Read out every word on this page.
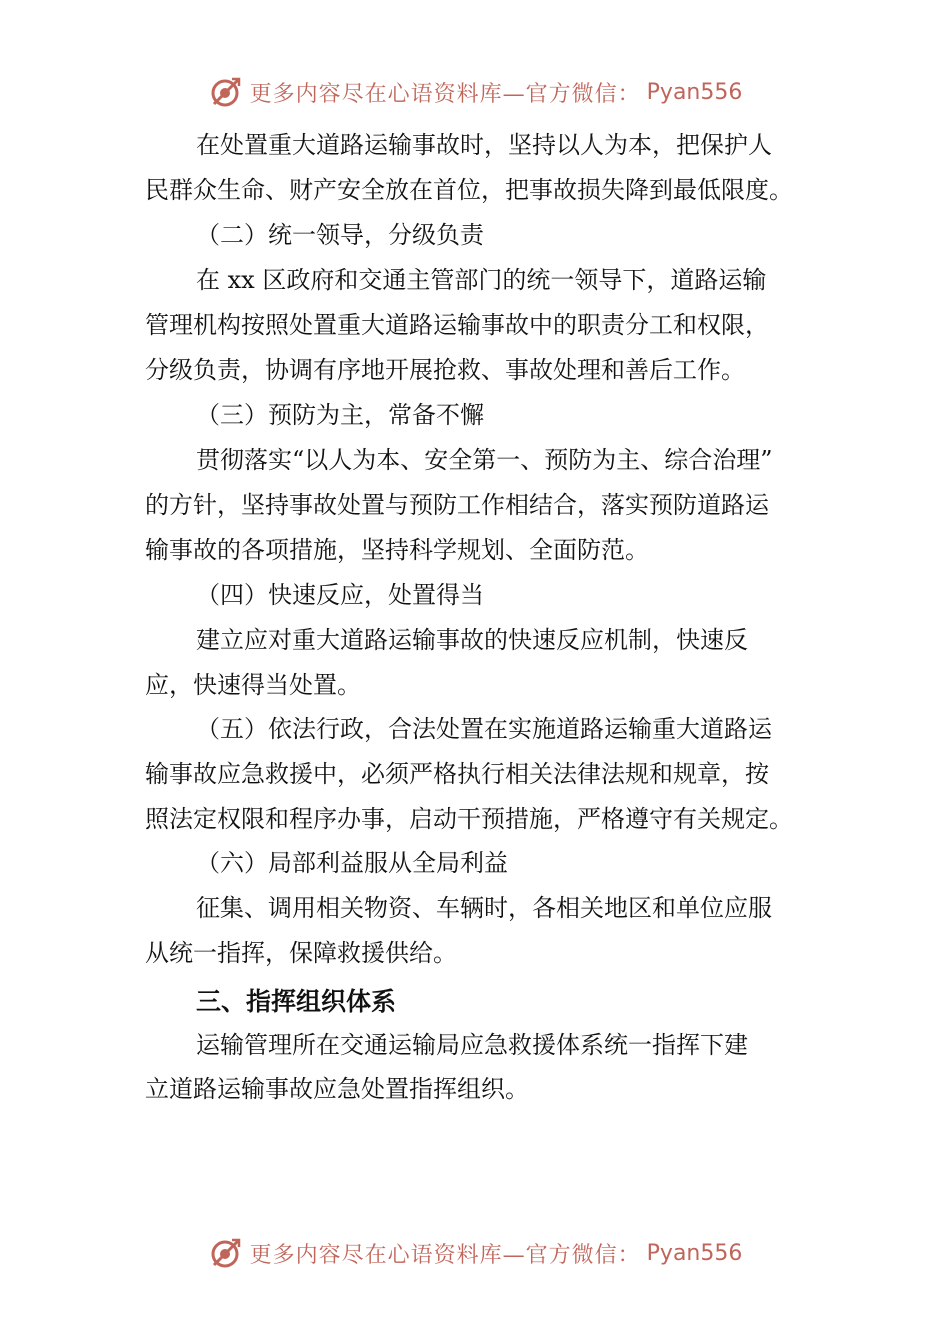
更多内容尽在心语资料库—官方微信： Pyan556
在处置重大道路运输事故时，坚持以人为本，把保护人
民群众生命、财产安全放在首位，把事故损失降到最低限度。
（二）统一领导，分级负责
在 xx 区政府和交通主管部门的统一领导下，道路运输
管理机构按照处置重大道路运输事故中的职责分工和权限，
分级负责，协调有序地开展抢救、事故处理和善后工作。
（三）预防为主，常备不懈
贯彻落实“以人为本、安全第一、预防为主、综合治理”
的方针，坚持事故处置与预防工作相结合，落实预防道路运
输事故的各项措施，坚持科学规划、全面防范。
（四）快速反应，处置得当
建立应对重大道路运输事故的快速反应机制，快速反
应，快速得当处置。
（五）依法行政，合法处置在实施道路运输重大道路运
输事故应急救援中，必须严格执行相关法律法规和规章，按
照法定权限和程序办事，启动干预措施，严格遵守有关规定。
（六）局部利益服从全局利益
征集、调用相关物资、车辆时，各相关地区和单位应服
从统一指挥，保障救援供给。
三、指挥组织体系
运输管理所在交通运输局应急救援体系统一指挥下建
立道路运输事故应急处置指挥组织。
更多内容尽在心语资料库—官方微信： Pyan556
